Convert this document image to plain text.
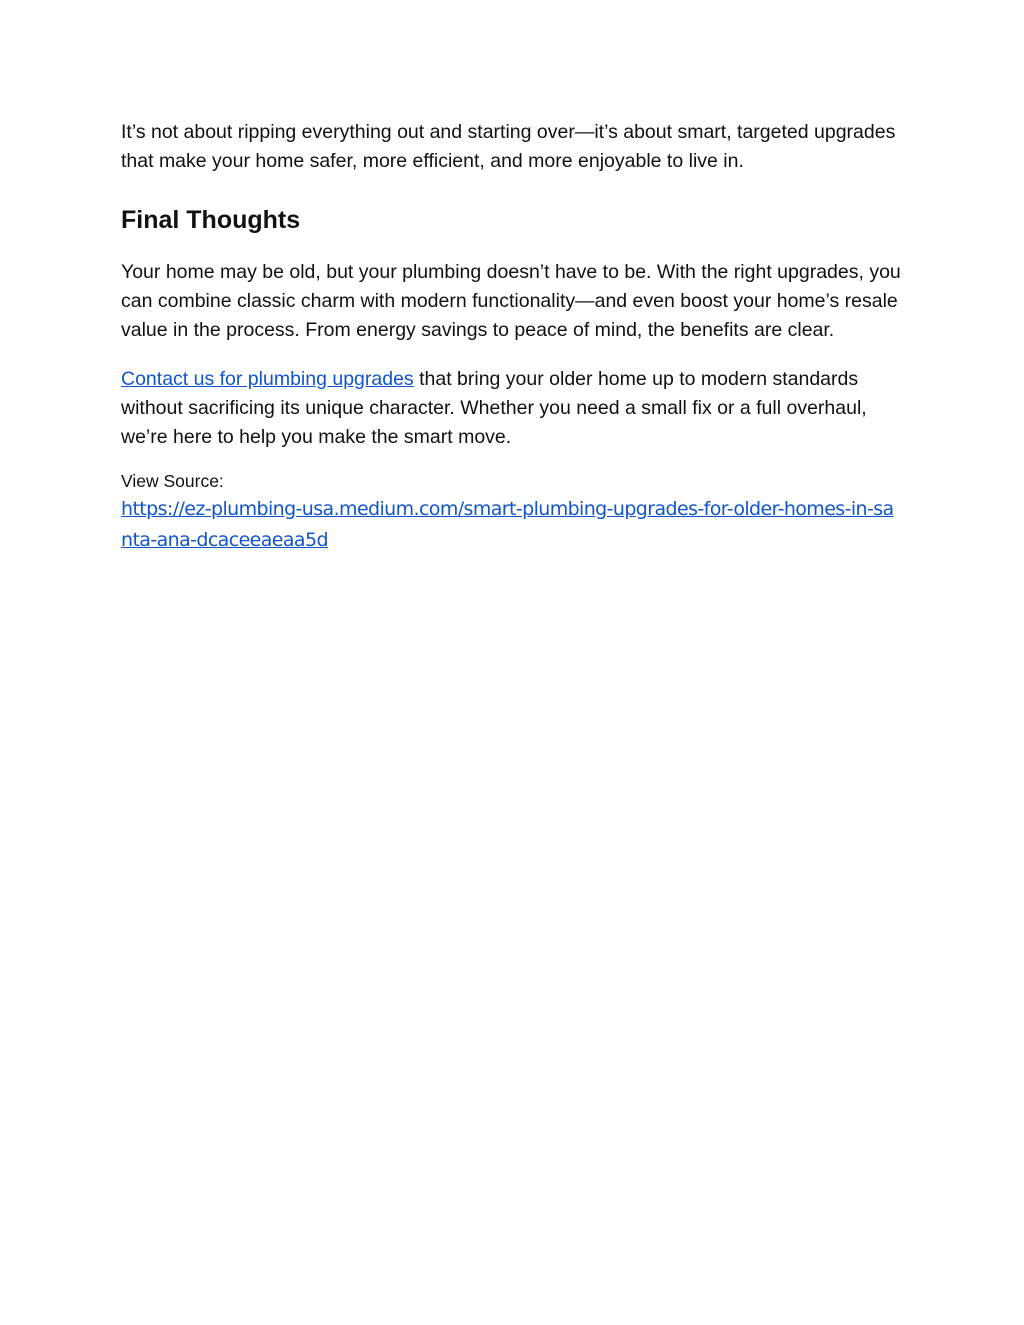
It’s not about ripping everything out and starting over—it’s about smart, targeted upgrades that make your home safer, more efficient, and more enjoyable to live in.

Final Thoughts

Your home may be old, but your plumbing doesn’t have to be. With the right upgrades, you can combine classic charm with modern functionality—and even boost your home’s resale value in the process. From energy savings to peace of mind, the benefits are clear.

Contact us for plumbing upgrades that bring your older home up to modern standards without sacrificing its unique character. Whether you need a small fix or a full overhaul, we’re here to help you make the smart move.

View Source:

https://ez-plumbing-usa.medium.com/smart-plumbing-upgrades-for-older-homes-in-santa-ana-dcaceeaeaa5d
